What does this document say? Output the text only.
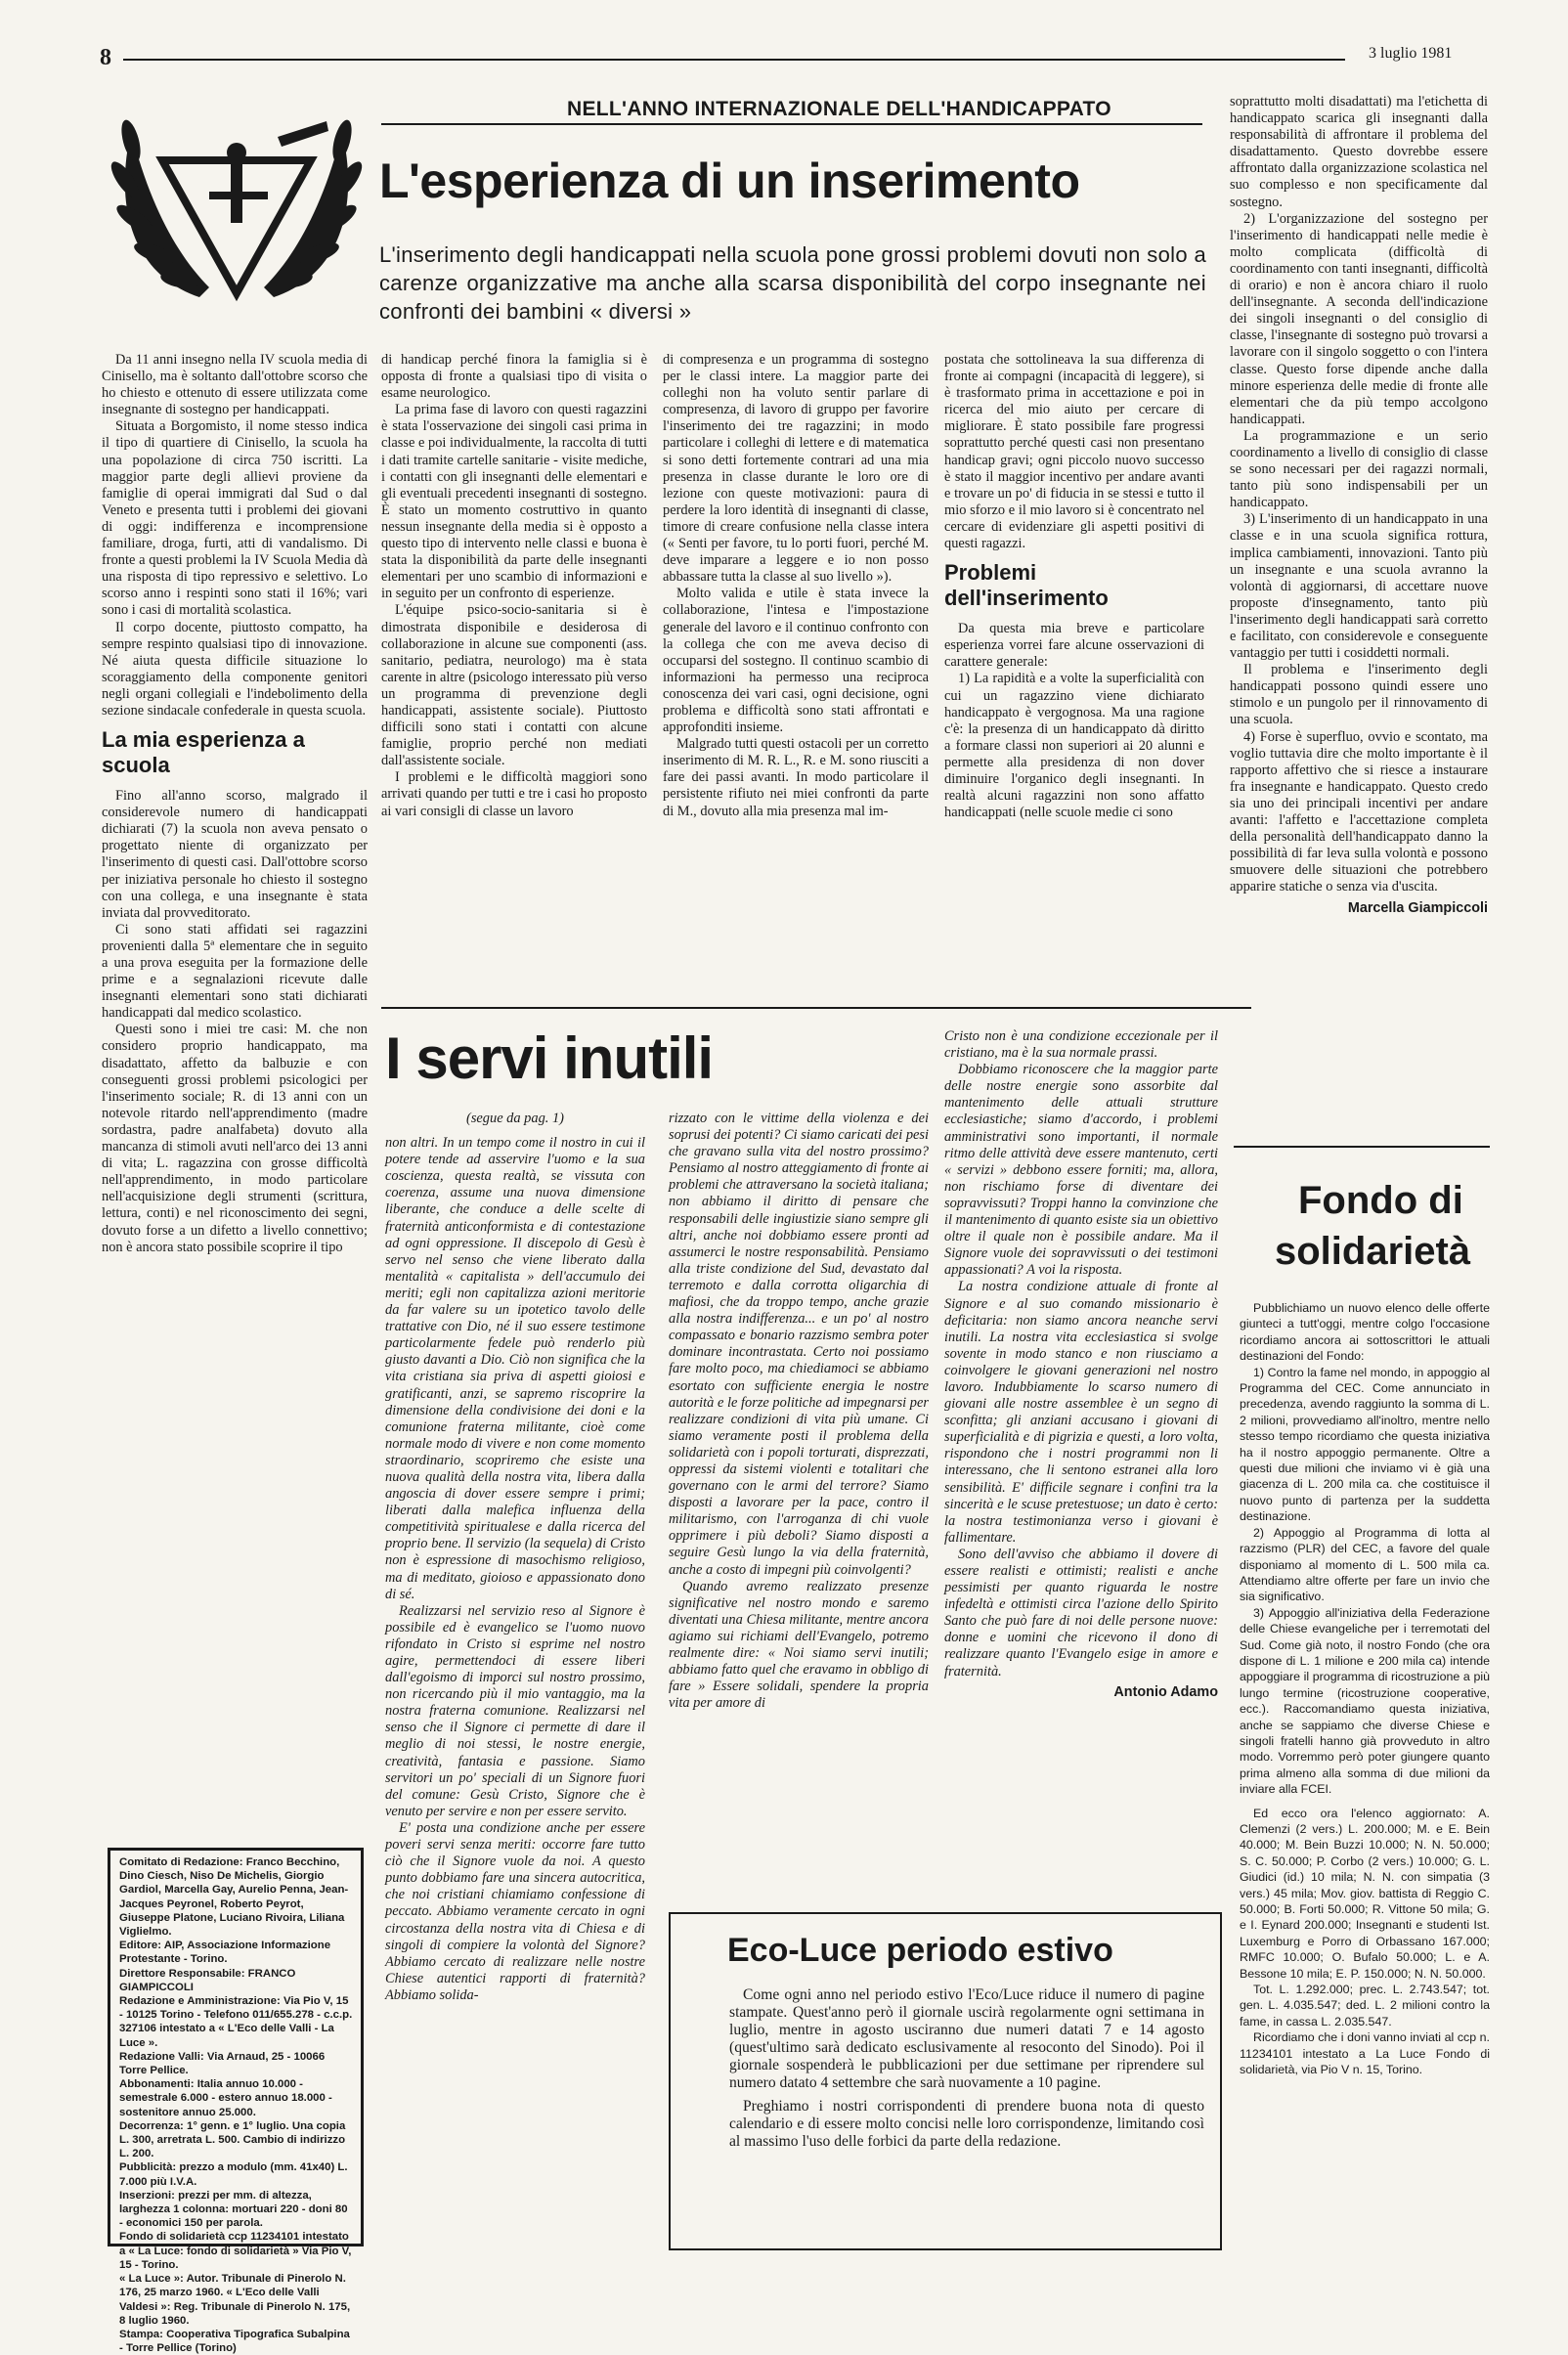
8	3 luglio 1981
NELL'ANNO INTERNAZIONALE DELL'HANDICAPPATO
L'esperienza di un inserimento
L'inserimento degli handicappati nella scuola pone grossi problemi dovuti non solo a carenze organizzative ma anche alla scarsa disponibilità del corpo insegnante nei confronti dei bambini « diversi »

Da 11 anni insegno nella IV scuola media di Cinisello, ma è soltanto dall'ottobre scorso che ho chiesto e ottenuto di essere utilizzata come insegnante di sostegno per handicappati.

Situata a Borgomisto, il nome stesso indica il tipo di quartiere di Cinisello, la scuola ha una popolazione di circa 750 iscritti. La maggior parte degli allievi proviene da famiglie di operai immigrati dal Sud o dal Veneto e presenta tutti i problemi dei giovani di oggi: indifferenza e incomprensione familiare, droga, furti, atti di vandalismo. Di fronte a questi problemi la IV Scuola Media dà una risposta di tipo repressivo e selettivo. Lo scorso anno i respinti sono stati il 16%; vari sono i casi di mortalità scolastica.

Il corpo docente, piuttosto compatto, ha sempre respinto qualsiasi tipo di innovazione. Né aiuta questa difficile situazione lo scoraggiamento della componente genitori negli organi collegiali e l'indebolimento della sezione sindacale confederale in questa scuola.

La mia esperienza a scuola

Fino all'anno scorso, malgrado il considerevole numero di handicappati dichiarati (7) la scuola non aveva pensato o progettato niente di organizzato per l'inserimento di questi casi. Dall'ottobre scorso per iniziativa personale ho chiesto il sostegno con una collega, e una insegnante è stata inviata dal provveditorato.

Ci sono stati affidati sei ragazzini provenienti dalla 5ª elementare che in seguito a una prova eseguita per la formazione delle prime e a segnalazioni ricevute dalle insegnanti elementari sono stati dichiarati handicappati dal medico scolastico.

Questi sono i miei tre casi: M. che non considero proprio handicappato, ma disadattato, affetto da balbuzie e con conseguenti grossi problemi psicologici per l'inserimento sociale; R. di 13 anni con un notevole ritardo nell'apprendimento (madre sordastra, padre analfabeta) dovuto alla mancanza di stimoli avuti nell'arco dei 13 anni di vita; L. ragazzina con grosse difficoltà nell'apprendimento, in modo particolare nell'acquisizione degli strumenti (scrittura, lettura, conti) e nel riconoscimento dei segni, dovuto forse a un difetto a livello connettivo; non è ancora stato possibile scoprire il tipo

di handicap perché finora la famiglia si è opposta di fronte a qualsiasi tipo di visita o esame neurologico.

La prima fase di lavoro con questi ragazzini è stata l'osservazione dei singoli casi prima in classe e poi individualmente, la raccolta di tutti i dati tramite cartelle sanitarie - visite mediche, i contatti con gli insegnanti delle elementari e gli eventuali precedenti insegnanti di sostegno. È stato un momento costruttivo in quanto nessun insegnante della media si è opposto a questo tipo di intervento nelle classi e buona è stata la disponibilità da parte delle insegnanti elementari per uno scambio di informazioni e in seguito per un confronto di esperienze.

L'équipe psico-socio-sanitaria si è dimostrata disponibile e desiderosa di collaborazione in alcune sue componenti (ass. sanitario, pediatra, neurologo) ma è stata carente in altre (psicologo interessato più verso un programma di prevenzione degli handicappati, assistente sociale). Piuttosto difficili sono stati i contatti con alcune famiglie, proprio perché non mediati dall'assistente sociale.

I problemi e le difficoltà maggiori sono arrivati quando per tutti e tre i casi ho proposto ai vari consigli di classe un lavoro

di compresenza e un programma di sostegno per le classi intere. La maggior parte dei colleghi non ha voluto sentir parlare di compresenza, di lavoro di gruppo per favorire l'inserimento dei tre ragazzini; in modo particolare i colleghi di lettere e di matematica si sono detti fortemente contrari ad una mia presenza in classe durante le loro ore di lezione con queste motivazioni: paura di perdere la loro identità di insegnanti di classe, timore di creare confusione nella classe intera (« Senti per favore, tu lo porti fuori, perché M. deve imparare a leggere e io non posso abbassare tutta la classe al suo livello »).

Molto valida e utile è stata invece la collaborazione, l'intesa e l'impostazione generale del lavoro e il continuo confronto con la collega che con me aveva deciso di occuparsi del sostegno. Il continuo scambio di informazioni ha permesso una reciproca conoscenza dei vari casi, ogni decisione, ogni problema e difficoltà sono stati affrontati e approfonditi insieme.

Malgrado tutti questi ostacoli per un corretto inserimento di M. R. L., R. e M. sono riusciti a fare dei passi avanti. In modo particolare il persistente rifiuto nei miei confronti da parte di M., dovuto alla mia presenza mal im-

postata che sottolineava la sua differenza di fronte ai compagni (incapacità di leggere), si è trasformato prima in accettazione e poi in ricerca del mio aiuto per cercare di migliorare. È stato possibile fare progressi soprattutto perché questi casi non presentano handicap gravi; ogni piccolo nuovo successo è stato il maggior incentivo per andare avanti e trovare un po' di fiducia in se stessi e tutto il mio sforzo e il mio lavoro si è concentrato nel cercare di evidenziare gli aspetti positivi di questi ragazzi.

Problemi dell'inserimento

Da questa mia breve e particolare esperienza vorrei fare alcune osservazioni di carattere generale:

1) La rapidità e a volte la superficialità con cui un ragazzino viene dichiarato handicappato è vergognosa. Ma una ragione c'è: la presenza di un handicappato dà diritto a formare classi non superiori ai 20 alunni e permette alla presidenza di non dover diminuire l'organico degli insegnanti. In realtà alcuni ragazzini non sono affatto handicappati (nelle scuole medie ci sono

soprattutto molti disadattati) ma l'etichetta di handicappato scarica gli insegnanti dalla responsabilità di affrontare il problema del disadattamento. Questo dovrebbe essere affrontato dalla organizzazione scolastica nel suo complesso e non specificamente dal sostegno.

2) L'organizzazione del sostegno per l'inserimento di handicappati nelle medie è molto complicata (difficoltà di coordinamento con tanti insegnanti, difficoltà di orario) e non è ancora chiaro il ruolo dell'insegnante. A seconda dell'indicazione dei singoli insegnanti o del consiglio di classe, l'insegnante di sostegno può trovarsi a lavorare con il singolo soggetto o con l'intera classe. Questo forse dipende anche dalla minore esperienza delle medie di fronte alle elementari che da più tempo accolgono handicappati.

La programmazione e un serio coordinamento a livello di consiglio di classe se sono necessari per dei ragazzi normali, tanto più sono indispensabili per un handicappato.

3) L'inserimento di un handicappato in una classe e in una scuola significa rottura, implica cambiamenti, innovazioni. Tanto più un insegnante e una scuola avranno la volontà di aggiornarsi, di accettare nuove proposte d'insegnamento, tanto più l'inserimento degli handicappati sarà corretto e facilitato, con considerevole e conseguente vantaggio per tutti i cosiddetti normali.

Il problema e l'inserimento degli handicappati possono quindi essere uno stimolo e un pungolo per il rinnovamento di una scuola.

4) Forse è superfluo, ovvio e scontato, ma voglio tuttavia dire che molto importante è il rapporto affettivo che si riesce a instaurare fra insegnante e handicappato. Questo credo sia uno dei principali incentivi per andare avanti: l'affetto e l'accettazione completa della personalità dell'handicappato danno la possibilità di far leva sulla volontà e possono smuovere delle situazioni che potrebbero apparire statiche o senza via d'uscita.

Marcella Giampiccoli

I servi inutili

(segue da pag. 1)

non altri. In un tempo come il nostro in cui il potere tende ad asservire l'uomo e la sua coscienza, questa realtà, se vissuta con coerenza, assume una nuova dimensione liberante, che conduce a delle scelte di fraternità anticonformista e di contestazione ad ogni oppressione. Il discepolo di Gesù è servo nel senso che viene liberato dalla mentalità « capitalista » dell'accumulo dei meriti; egli non capitalizza azioni meritorie da far valere su un ipotetico tavolo delle trattative con Dio, né il suo essere testimone particolarmente fedele può renderlo più giusto davanti a Dio. Ciò non significa che la vita cristiana sia priva di aspetti gioiosi e gratificanti, anzi, se sapremo riscoprire la dimensione della condivisione dei doni e la comunione fraterna militante, cioè come normale modo di vivere e non come momento straordinario, scopriremo che esiste una nuova qualità della nostra vita, libera dalla angoscia di dover essere sempre i primi; liberati dalla malefica influenza della competitività spiritualese e dalla ricerca del proprio bene. Il servizio (la sequela) di Cristo non è espressione di masochismo religioso, ma di meditato, gioioso e appassionato dono di sé.

Realizzarsi nel servizio reso al Signore è possibile ed è evangelico se l'uomo nuovo rifondato in Cristo si esprime nel nostro agire, permettendoci di essere liberi dall'egoismo di imporci sul nostro prossimo, non ricercando più il mio vantaggio, ma la nostra fraterna comunione. Realizzarsi nel senso che il Signore ci permette di dare il meglio di noi stessi, le nostre energie, creatività, fantasia e passione. Siamo servitori un po' speciali di un Signore fuori del comune: Gesù Cristo, Signore che è venuto per servire e non per essere servito.

E' posta una condizione anche per essere poveri servi senza meriti: occorre fare tutto ciò che il Signore vuole da noi. A questo punto dobbiamo fare una sincera autocritica, che noi cristiani chiamiamo confessione di peccato. Abbiamo veramente cercato in ogni circostanza della nostra vita di Chiesa e di singoli di compiere la volontà del Signore? Abbiamo cercato di realizzare nelle nostre Chiese autentici rapporti di fraternità? Abbiamo solida-

rizzato con le vittime della violenza e dei soprusi dei potenti? Ci siamo caricati dei pesi che gravano sulla vita del nostro prossimo? Pensiamo al nostro atteggiamento di fronte ai problemi che attraversano la società italiana; non abbiamo il diritto di pensare che responsabili delle ingiustizie siano sempre gli altri, anche noi dobbiamo essere pronti ad assumerci le nostre responsabilità. Pensiamo alla triste condizione del Sud, devastato dal terremoto e dalla corrotta oligarchia di mafiosi, che da troppo tempo, anche grazie alla nostra indifferenza... e un po' al nostro compassato e bonario razzismo sembra poter dominare incontrastata. Certo noi possiamo fare molto poco, ma chiediamoci se abbiamo esortato con sufficiente energia le nostre autorità e le forze politiche ad impegnarsi per realizzare condizioni di vita più umane. Ci siamo veramente posti il problema della solidarietà con i popoli torturati, disprezzati, oppressi da sistemi violenti e totalitari che governano con le armi del terrore? Siamo disposti a lavorare per la pace, contro il militarismo, con l'arroganza di chi vuole opprimere i più deboli? Siamo disposti a seguire Gesù lungo la via della fraternità, anche a costo di impegni più coinvolgenti?

Quando avremo realizzato presenze significative nel nostro mondo e saremo diventati una Chiesa militante, mentre ancora agiamo sui richiami dell'Evangelo, potremo realmente dire: « Noi siamo servi inutili; abbiamo fatto quel che eravamo in obbligo di fare » Essere solidali, spendere la propria vita per amore di

Cristo non è una condizione eccezionale per il cristiano, ma è la sua normale prassi.

Dobbiamo riconoscere che la maggior parte delle nostre energie sono assorbite dal mantenimento delle attuali strutture ecclesiastiche; siamo d'accordo, i problemi amministrativi sono importanti, il normale ritmo delle attività deve essere mantenuto, certi « servizi » debbono essere forniti; ma, allora, non rischiamo forse di diventare dei sopravvissuti? Troppi hanno la convinzione che il mantenimento di quanto esiste sia un obiettivo oltre il quale non è possibile andare. Ma il Signore vuole dei sopravvissuti o dei testimoni appassionati? A voi la risposta.

La nostra condizione attuale di fronte al Signore e al suo comando missionario è deficitaria: non siamo ancora neanche servi inutili. La nostra vita ecclesiastica si svolge sovente in modo stanco e non riusciamo a coinvolgere le giovani generazioni nel nostro lavoro. Indubbiamente lo scarso numero di giovani alle nostre assemblee è un segno di sconfitta; gli anziani accusano i giovani di superficialità e di pigrizia e questi, a loro volta, rispondono che i nostri programmi non li interessano, che li sentono estranei alla loro sensibilità. E' difficile segnare i confini tra la sincerità e le scuse pretestuose; un dato è certo: la nostra testimonianza verso i giovani è fallimentare.

Sono dell'avviso che abbiamo il dovere di essere realisti e ottimisti; realisti e anche pessimisti per quanto riguarda le nostre infedeltà e ottimisti circa l'azione dello Spirito Santo che può fare di noi delle persone nuove: donne e uomini che ricevono il dono di realizzare quanto l'Evangelo esige in amore e fraternità.

Antonio Adamo

Eco-Luce periodo estivo

Come ogni anno nel periodo estivo l'Eco/Luce riduce il numero di pagine stampate. Quest'anno però il giornale uscirà regolarmente ogni settimana in luglio, mentre in agosto usciranno due numeri datati 7 e 14 agosto (quest'ultimo sarà dedicato esclusivamente al resoconto del Sinodo). Poi il giornale sospenderà le pubblicazioni per due settimane per riprendere sul numero datato 4 settembre che sarà nuovamente a 10 pagine.

Preghiamo i nostri corrispondenti di prendere buona nota di questo calendario e di essere molto concisi nelle loro corrispondenze, limitando così al massimo l'uso delle forbici da parte della redazione.

Fondo di
solidarietà

Pubblichiamo un nuovo elenco delle offerte giunteci a tutt'oggi, mentre colgo l'occasione ricordiamo ancora ai sottoscrittori le attuali destinazioni del Fondo:

1) Contro la fame nel mondo, in appoggio al Programma del CEC. Come annunciato in precedenza, avendo raggiunto la somma di L. 2 milioni, provvediamo all'inoltro, mentre nello stesso tempo ricordiamo che questa iniziativa ha il nostro appoggio permanente. Oltre a questi due milioni che inviamo vi è già una giacenza di L. 200 mila ca. che costituisce il nuovo punto di partenza per la suddetta destinazione.

2) Appoggio al Programma di lotta al razzismo (PLR) del CEC, a favore del quale disponiamo al momento di L. 500 mila ca. Attendiamo altre offerte per fare un invio che sia significativo.

3) Appoggio all'iniziativa della Federazione delle Chiese evangeliche per i terremotati del Sud. Come già noto, il nostro Fondo (che ora dispone di L. 1 milione e 200 mila ca) intende appoggiare il programma di ricostruzione a più lungo termine (ricostruzione cooperative, ecc.). Raccomandiamo questa iniziativa, anche se sappiamo che diverse Chiese e singoli fratelli hanno già provveduto in altro modo. Vorremmo però poter giungere quanto prima almeno alla somma di due milioni da inviare alla FCEI.

Ed ecco ora l'elenco aggiornato: A. Clemenzi (2 vers.) L. 200.000; M. e E. Bein 40.000; M. Bein Buzzi 10.000; N. N. 50.000; S. C. 50.000; P. Corbo (2 vers.) 10.000; G. L. Giudici (id.) 10 mila; N. N. con simpatia (3 vers.) 45 mila; Mov. giov. battista di Reggio C. 50.000; B. Forti 50.000; R. Vittone 50 mila; G. e I. Eynard 200.000; Insegnanti e studenti Ist. Luxemburg e Porro di Orbassano 167.000; RMFC 10.000; O. Bufalo 50.000; L. e A. Bessone 10 mila; E. P. 150.000; N. N. 50.000.

Tot. L. 1.292.000; prec. L. 2.743.547; tot. gen. L. 4.035.547; ded. L. 2 milioni contro la fame, in cassa L. 2.035.547.

Ricordiamo che i doni vanno inviati al ccp n. 11234101 intestato a La Luce Fondo di solidarietà, via Pio V n. 15, Torino.

Comitato di Redazione: Franco Becchino, Dino Ciesch, Niso De Michelis, Giorgio Gardiol, Marcella Gay, Aurelio Penna, Jean-Jacques Peyronel, Roberto Peyrot, Giuseppe Platone, Luciano Rivoira, Liliana Viglielmo.

Editore: AIP, Associazione Informazione Protestante - Torino.

Direttore Responsabile: FRANCO GIAMPICCOLI

Redazione e Amministrazione: Via Pio V, 15 - 10125 Torino - Telefono 011/655.278 - c.c.p. 327106 intestato a « L'Eco delle Valli - La Luce ».

Redazione Valli: Via Arnaud, 25 - 10066 Torre Pellice.

Abbonamenti: Italia annuo 10.000 - semestrale 6.000 - estero annuo 18.000 - sostenitore annuo 25.000.

Decorrenza: 1° genn. e 1° luglio. Una copia L. 300, arretrata L. 500. Cambio di indirizzo L. 200.

Pubblicità: prezzo a modulo (mm. 41x40) L. 7.000 più I.V.A.

Inserzioni: prezzi per mm. di altezza, larghezza 1 colonna: mortuari 220 - doni 80 - economici 150 per parola.

Fondo di solidarietà ccp 11234101 intestato a « La Luce: fondo di solidarietà » Via Pio V, 15 - Torino.

« La Luce »: Autor. Tribunale di Pinerolo N. 176, 25 marzo 1960. « L'Eco delle Valli Valdesi »: Reg. Tribunale di Pinerolo N. 175, 8 luglio 1960.

Stampa: Cooperativa Tipografica Subalpina - Torre Pellice (Torino)
